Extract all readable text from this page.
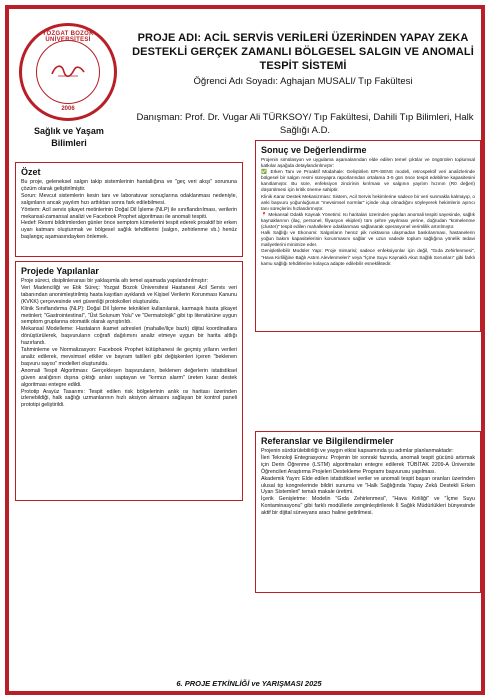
YOZGAT BOZOK ÜNİVERSİTESİ
2006
Sağlık ve Yaşam Bilimleri
PROJE ADI: ACİL SERVİS VERİLERİ ÜZERİNDEN YAPAY ZEKA DESTEKLİ GERÇEK ZAMANLI BÖLGESEL SALGIN VE ANOMALİ TESPİT SİSTEMİ
Öğrenci Adı Soyadı: Aghajan MUSALI/ Tıp Fakültesi
Danışman: Prof. Dr. Vugar Ali TÜRKSOY/ Tıp Fakültesi, Dahili Tıp Bilimleri, Halk Sağlığı A.D.
Özet

Bu proje, geleneksel salgın takip sistemlerinin hantallığına ve "geç veri akışı" sorununa çözüm olarak geliştirilmiştir.

Sorun: Mevcut sistemlerin kesin tanı ve laboratuvar sonuçlarına odaklanması nedeniyle, salgınların ancak yayılım hızı arttıktan sonra fark edilebilmesi.

Yöntem: Acil servis şikayet metinlerinin Doğal Dil İşleme (NLP) ile sınıflandırılması, verilerin mekansal-zamansal analizi ve Facebook Prophet algoritması ile anomali tespiti.

Hedef: Resmi bildirimlerden günler önce semptom kümelerini tespit ederek proaktif bir erken uyarı katmanı oluşturmak ve bölgesel sağlık tehditlerini (salgın, zehirlenme vb.) henüz başlangıç aşamasındayken önlemek.

Projede Yapılanlar

Proje süreci, disiplinlerarası bir yaklaşımla altı temel aşamada yapılandırılmıştır:

Veri Madenciliği ve Etik Süreç: Yozgat Bozok Üniversitesi Hastanesi Acil Servis veri tabanından anonimleştirilmiş hasta kayıtları ayıklandı ve Kişisel Verilerin Korunması Kanunu (KVKK) çerçevesinde veri güvenliği protokolleri oluşturuldu.

Klinik Sınıflandırma (NLP): Doğal Dil İşleme teknikleri kullanılarak, karmaşık hasta şikayet metinleri; "Gastrointestinal", "Üst Solunum Yolu" ve "Dermatolojik" gibi tıp literatürüne uygun semptom gruplarına otomatik olarak ayrıştırıldı.

Mekansal Modelleme: Hastaların ikamet adresleri (mahalle/ilçe bazlı) dijital koordinatlara dönüştürülerek, başvuruların coğrafi dağılımını analiz etmeye uygun bir harita altlığı hazırlandı.

Tahminleme ve Normalizasyon: Facebook Prophet kütüphanesi ile geçmiş yılların verileri analiz edilerek, mevsimsel etkiler ve bayram tatilleri gibi değişkenleri içeren "beklenen başvuru sayısı" modelleri oluşturuldu.

Anomali Tespit Algoritması: Gerçekleşen başvuruların, beklenen değerlerin istatistiksel güven aralığının dışına çıktığı anları saptayan ve "kırmızı alarm" üreten karar destek algoritması entegre edildi.

Prototip Arayüz Tasarımı: Tespit edilen risk bölgelerinin anlık ısı haritası üzerinden izlenebildiği, halk sağlığı uzmanlarının hızlı aksiyon almasını sağlayan bir kontrol paneli prototipi geliştirildi.

Sonuç ve Değerlendirme

Projenin simülasyon ve uygulama aşamalarından elde edilen temel çıktılar ve öngörülen toplumsal katkılar aşağıda detaylandırılmıştır:

✅ Erken Tanı ve Proaktif Müdahale: Geliştirilen EPI-SENS modeli, retrospektif veri analizlerinde bölgesel bir salgın resmi süreyapra raporlarından ortalama 3-5 gün önce tespit edebilme kapasitesini kanıtlamıştır. Bu süre, enfeksiyon zincirinin kırılması ve salgının yayılım hızının (R0 değeri) düşürülmesi için kritik öneme sahiptir.

Klinik Karar Destek Mekanizması: Sistem, Acil Servis hekimlerine sadece bir veri sunmakla kalmayıp, o anki başvuru yoğunluğunun "mevsimsel normlar" içinde olup olmadığını söyleyerek hekimlerin ayırıcı tanı süreçlerini hızlandırmıştır.

📍 Mekansal Odaklı Kaynak Yönetimi: Isı haritaları üzerinden yapılan anomali tespiti sayesinde, sağlık kaynaklarının (ilaç, personel, filyasyon ekipleri) tüm şehre yayılması yerine, doğrudan "kümelenme (cluster)" tespit edilen mahallelere odaklanması sağlanarak operasyonel verimlilik artırılmıştır.

Halk Sağlığı ve Ekonomi: Salgınların henüz pik noktasına ulaşmadan baskılanması, hastanelerin yoğun bakım kapasitelerinin korunmasını sağlar ve uzun vadede toplum sağlığına yönelik tedavi maliyetlerini minimize eder.

Genişletilebilir Modüler Yapı: Proje mimarisi; sadece enfeksiyonlar için değil, "Gıda Zehirlenmesi", "Hava Kirliliğine Bağlı Astım Alevlenmeleri" veya "İçme Suyu Kaynaklı Akut Sağlık Sorunları" gibi farklı kamu sağlığı tehditlerine kolayca adapte edilebilir esnekliktedir.

Referanslar ve Bilgilendirmeler

Projenin sürdürülebilirliği ve yaygın etkisi kapsamında şu adımlar planlanmaktadır:

İleri Teknoloji Entegrasyonu: Projenin bir sonraki fazında, anomali tespit gücünü artırmak için Derin Öğrenme (LSTM) algoritmaları entegre edilerek TÜBİTAK 2209-A Üniversite Öğrencileri Araştırma Projeleri Destekleme Programı başvurusu yapılması.

Akademik Yayın: Elde edilen istatistiksel veriler ve anomali tespit başarı oranları üzerinden ulusal tıp kongrelerinde bildiri sunumu ve "Halk Sağlığında Yapay Zekâ Destekli Erken Uyarı Sistemleri" temalı makale üretimi.

İçerik Genişletme: Modelin "Gıda Zehirlenmesi", "Hava Kirliliği" ve "İçme Suyu Kontaminasyonu" gibi farklı modüllerle zenginleştirilerek İl Sağlık Müdürlükleri bünyesinde aktif bir dijital sürveyans aracı haline getirilmesi.

6. PROJE ETKİNLİĞİ ve YARIŞMASI 2025
